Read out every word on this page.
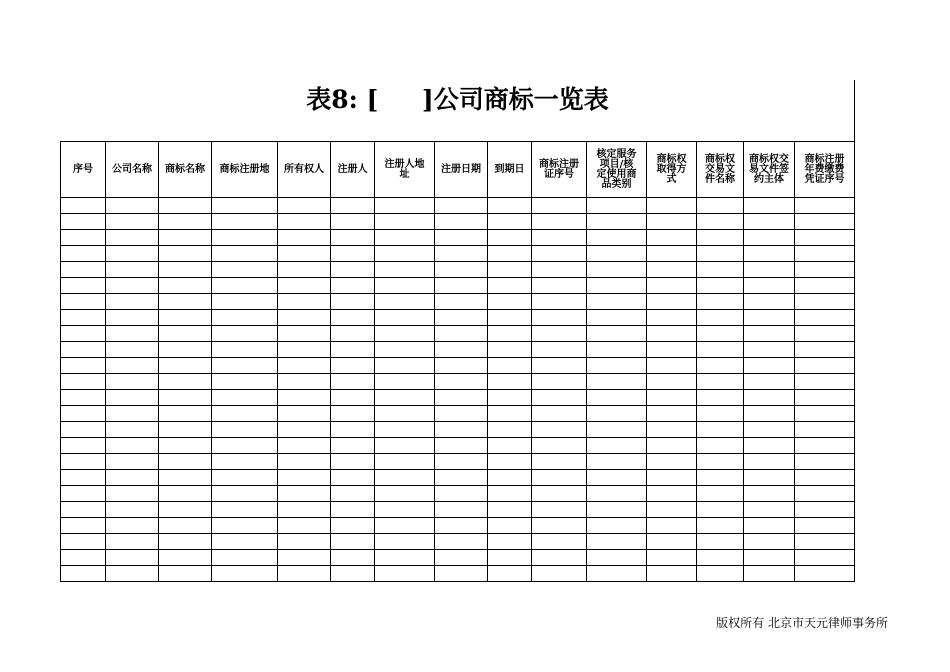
表8: [     ]公司商标一览表
序号	公司名称	商标名称	商标注册地	所有权人	注册人	注册人地址	注册日期	到期日	商标注册证序号	核定服务项目/核定使用商品类别	商标权取得方式	商标权交易文件名称	商标权交易文件签约主体	商标注册年费缴费凭证序号

版权所有 北京市天元律师事务所
